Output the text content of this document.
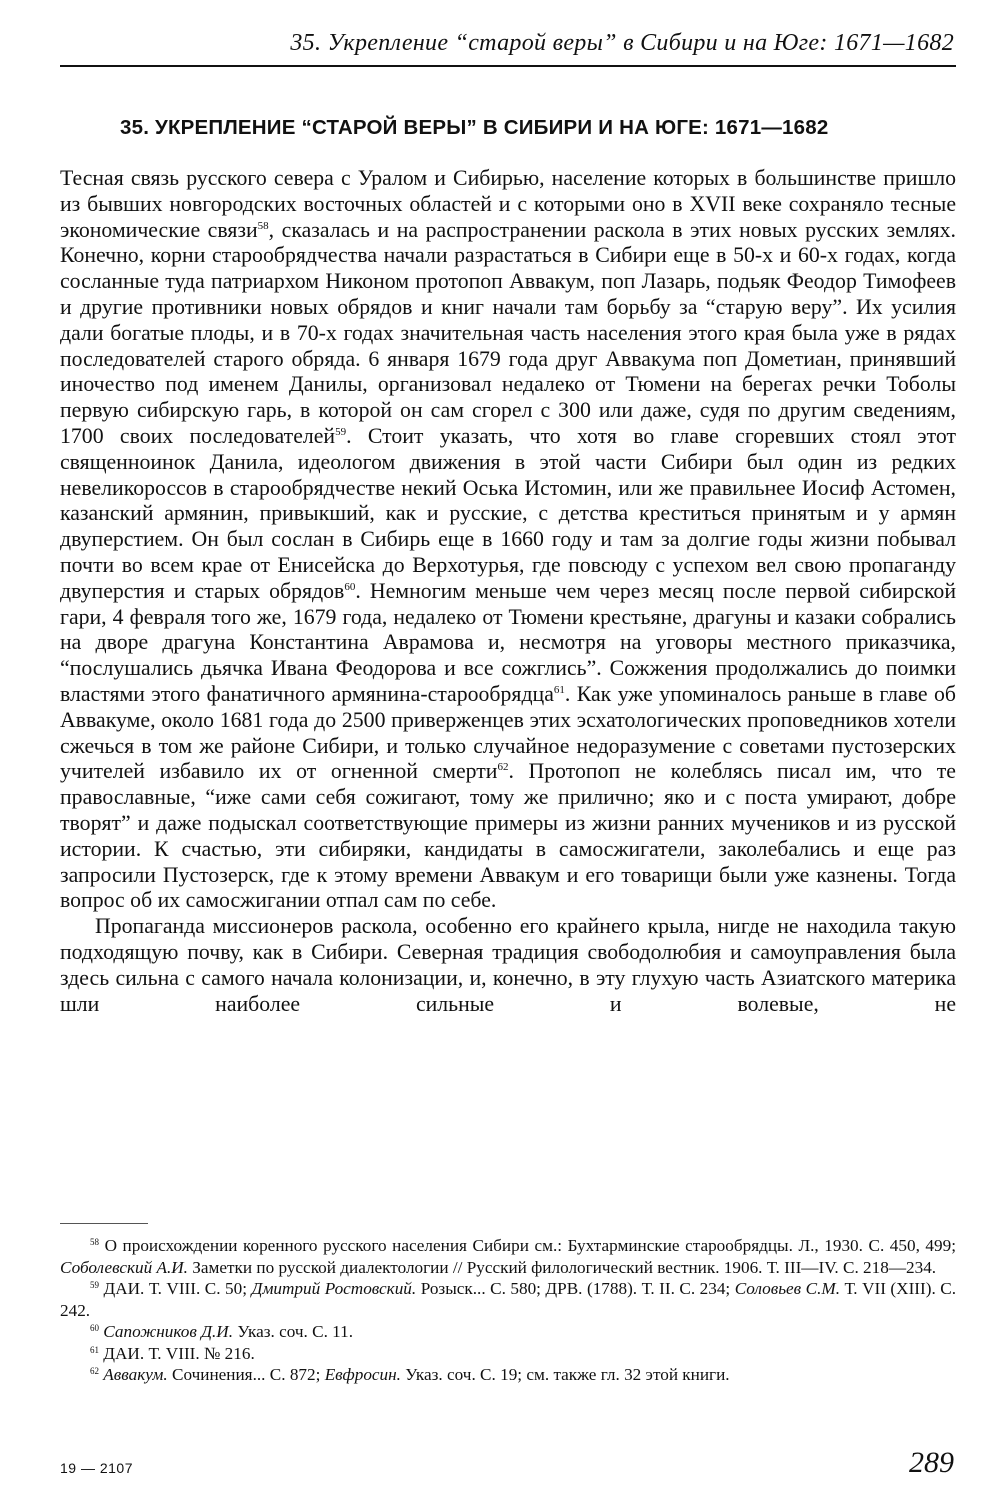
35. Укрепление “старой веры” в Сибири и на Юге: 1671—1682
35. УКРЕПЛЕНИЕ “СТАРОЙ ВЕРЫ” В СИБИРИ И НА ЮГЕ: 1671—1682

Тесная связь русского севера с Уралом и Сибирью, население которых в большинстве пришло из бывших новгородских восточных областей и с которыми оно в XVII веке сохраняло тесные экономические связи$^{58}$, сказалась и на распространении раскола в этих новых русских землях. Конечно, корни старообрядчества начали разрастаться в Сибири еще в 50-х и 60-х годах, когда сосланные туда патриархом Никоном протопоп Аввакум, поп Лазарь, подьяк Феодор Тимофеев и другие противники новых обрядов и книг начали там борьбу за “старую веру”. Их усилия дали богатые плоды, и в 70-х годах значительная часть населения этого края была уже в рядах последователей старого обряда. 6 января 1679 года друг Аввакума поп Дометиан, принявший иночество под именем Данилы, организовал недалеко от Тюмени на берегах речки Тоболы первую сибирскую гарь, в которой он сам сгорел с 300 или даже, судя по другим сведениям, 1700 своих последователей$^{59}$. Стоит указать, что хотя во главе сгоревших стоял этот священноинок Данила, идеологом движения в этой части Сибири был один из редких невеликороссов в старообрядчестве некий Оська Истомин, или же правильнее Иосиф Астомен, казанский армянин, привыкший, как и русские, с детства креститься принятым и у армян двуперстием. Он был сослан в Сибирь еще в 1660 году и там за долгие годы жизни побывал почти во всем крае от Енисейска до Верхотурья, где повсюду с успехом вел свою пропаганду двуперстия и старых обрядов$^{60}$. Немногим меньше чем через месяц после первой сибирской гари, 4 февраля того же, 1679 года, недалеко от Тюмени крестьяне, драгуны и казаки собрались на дворе драгуна Константина Аврамова и, несмотря на уговоры местного приказчика, “послушались дьячка Ивана Феодорова и все сожглись”. Сожжения продолжались до поимки властями этого фанатичного армянина-старообрядца$^{61}$. Как уже упоминалось раньше в главе об Аввакуме, около 1681 года до 2500 приверженцев этих эсхатологических проповедников хотели сжечься в том же районе Сибири, и только случайное недоразумение с советами пустозерских учителей избавило их от огненной смерти$^{62}$. Протопоп не колеблясь писал им, что те православные, “иже сами себя сожигают, тому же прилично; яко и с поста умирают, добре творят” и даже подыскал соответствующие примеры из жизни ранних мучеников и из русской истории. К счастью, эти сибиряки, кандидаты в самосжигатели, заколебались и еще раз запросили Пустозерск, где к этому времени Аввакум и его товарищи были уже казнены. Тогда вопрос об их самосжигании отпал сам по себе.

Пропаганда миссионеров раскола, особенно его крайнего крыла, нигде не находила такую подходящую почву, как в Сибири. Северная традиция свободолюбия и самоуправления была здесь сильна с самого начала колонизации, и, конечно, в эту глухую часть Азиатского материка шли наиболее сильные и волевые, не

$^{58}$ О происхождении коренного русского населения Сибири см.: Бухтарминские старообрядцы. Л., 1930. С. 450, 499; Соболевский А.И. Заметки по русской диалектологии // Русский филологический вестник. 1906. Т. III—IV. С. 218—234.

$^{59}$ ДАИ. Т. VIII. С. 50; Дмитрий Ростовский. Розыск... С. 580; ДРВ. (1788). Т. II. С. 234; Соловьев С.М. Т. VII (XIII). С. 242.

$^{60}$ Сапожников Д.И. Указ. соч. С. 11.

$^{61}$ ДАИ. Т. VIII. № 216.

$^{62}$ Аввакум. Сочинения... С. 872; Евфросин. Указ. соч. С. 19; см. также гл. 32 этой книги.

19 — 2107	289
